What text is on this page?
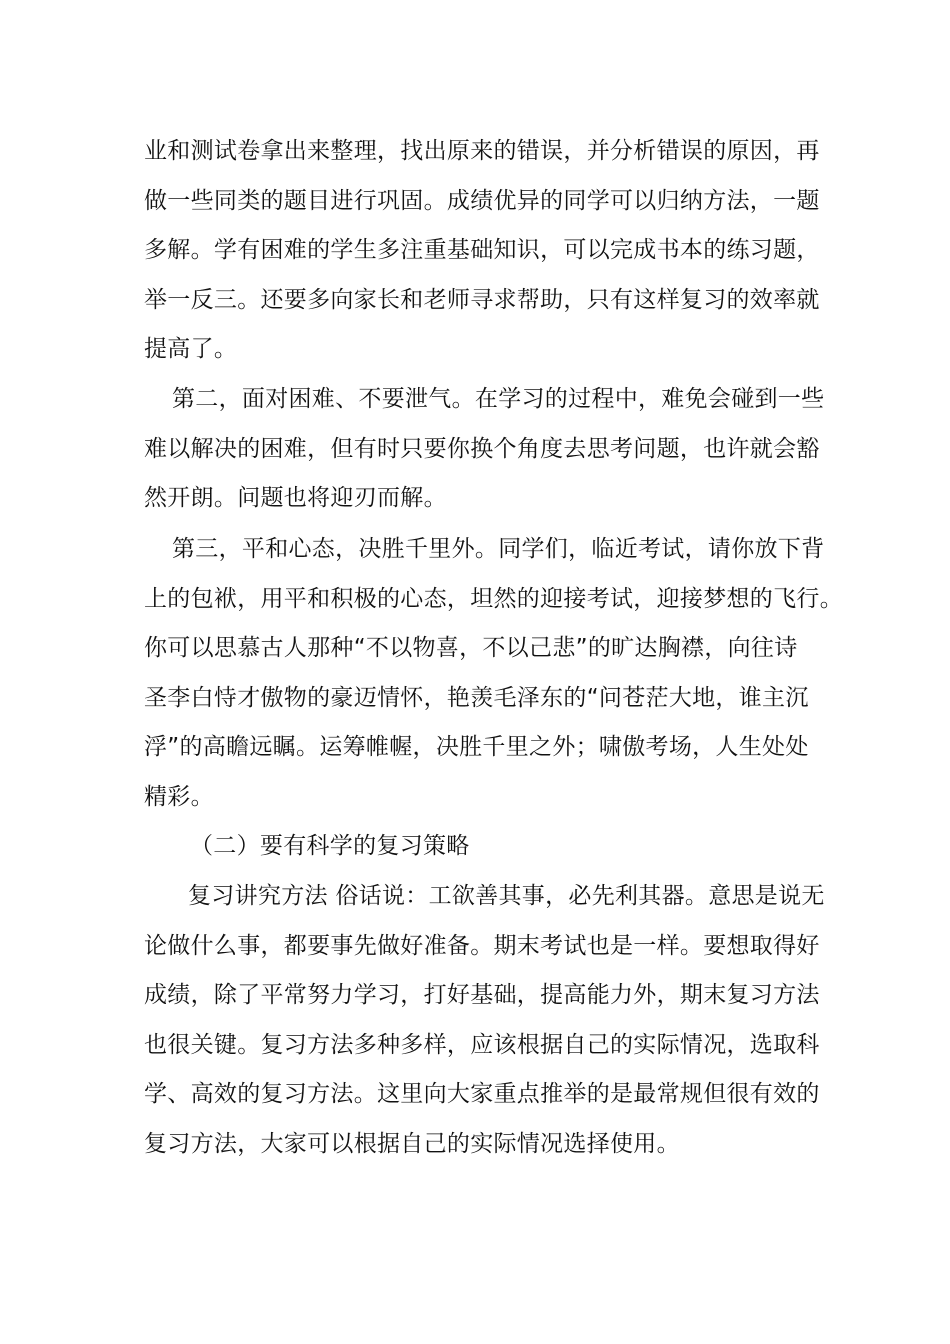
业和测试卷拿出来整理，找出原来的错误，并分析错误的原因，再
做一些同类的题目进行巩固。成绩优异的同学可以归纳方法，一题
多解。学有困难的学生多注重基础知识，可以完成书本的练习题，
举一反三。还要多向家长和老师寻求帮助，只有这样复习的效率就
提高了。
第二，面对困难、不要泄气。在学习的过程中，难免会碰到一些
难以解决的困难，但有时只要你换个角度去思考问题，也许就会豁
然开朗。问题也将迎刃而解。
第三，平和心态，决胜千里外。同学们，临近考试，请你放下背
上的包袱，用平和积极的心态，坦然的迎接考试，迎接梦想的飞行。
你可以思慕古人那种“不以物喜，不以己悲”的旷达胸襟，向往诗
圣李白恃才傲物的豪迈情怀，艳羡毛泽东的“问苍茫大地，谁主沉
浮”的高瞻远瞩。运筹帷幄，决胜千里之外；啸傲考场，人生处处
精彩。
（二）要有科学的复习策略
复习讲究方法 俗话说：工欲善其事，必先利其器。意思是说无
论做什么事，都要事先做好准备。期末考试也是一样。要想取得好
成绩，除了平常努力学习，打好基础，提高能力外，期末复习方法
也很关键。复习方法多种多样，应该根据自己的实际情况，选取科
学、高效的复习方法。这里向大家重点推举的是最常规但很有效的
复习方法，大家可以根据自己的实际情况选择使用。
